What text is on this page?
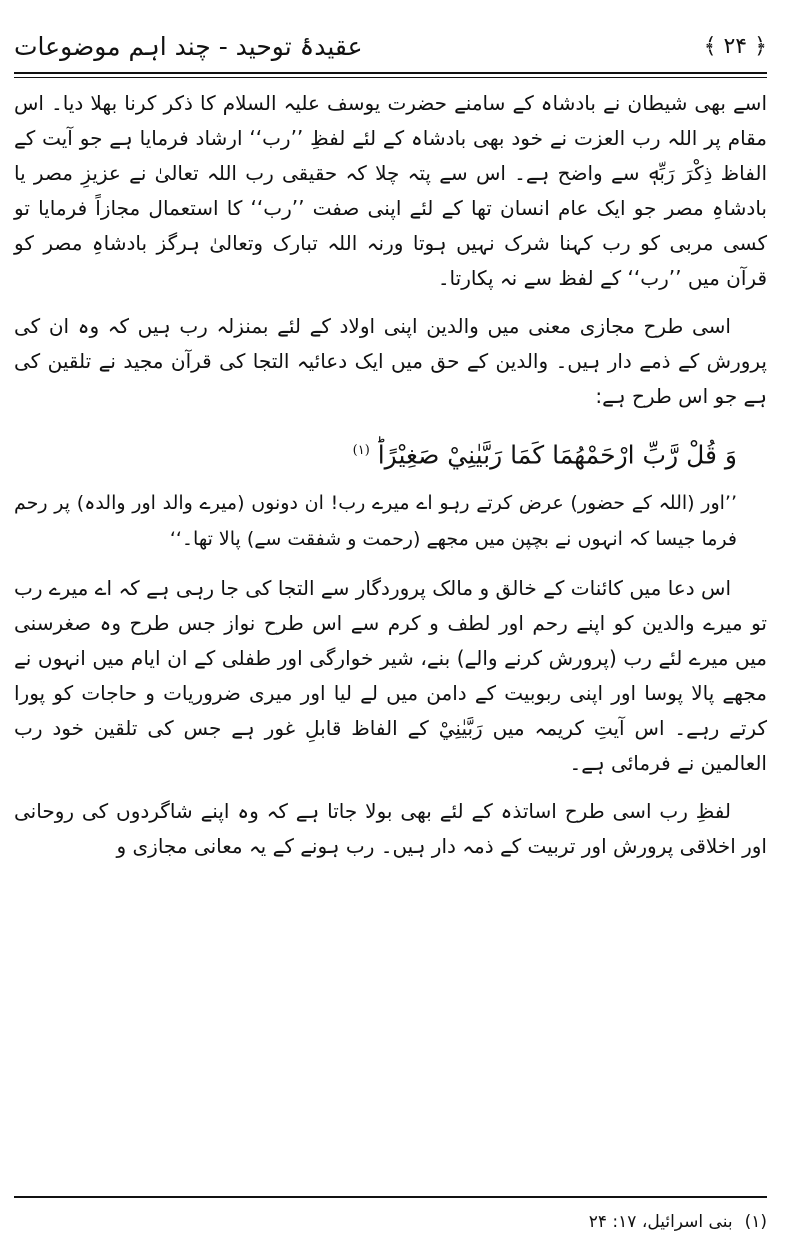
عقیدۂ توحید - چند اہم موضوعات	﴿ ۲۴ ﴾

اسے بھی شیطان نے بادشاہ کے سامنے حضرت یوسف علیہ السلام کا ذکر کرنا بھلا دیا۔ اس مقام پر اللہ رب العزت نے خود بھی بادشاہ کے لئے لفظِ ’’رب‘‘ ارشاد فرمایا ہے جو آیت کے الفاظ ذِکْرَ رَبِّهٖ سے واضح ہے۔ اس سے پتہ چلا کہ حقیقی رب اللہ تعالیٰ نے عزیزِ مصر یا بادشاہِ مصر جو ایک عام انسان تھا کے لئے اپنی صفت ’’رب‘‘ کا استعمال مجازاً فرمایا تو کسی مربی کو رب کہنا شرک نہیں ہوتا ورنہ اللہ تبارک وتعالیٰ ہرگز بادشاہِ مصر کو قرآن میں ’’رب‘‘ کے لفظ سے نہ پکارتا۔

اسی طرح مجازی معنی میں والدین اپنی اولاد کے لئے بمنزلہ رب ہیں کہ وہ ان کی پرورش کے ذمے دار ہیں۔ والدین کے حق میں ایک دعائیہ التجا کی قرآن مجید نے تلقین کی ہے جو اس طرح ہے:

وَ قُلْ رَّبِّ ارْحَمْهُمَا كَمَا رَبَّيٰنِيْ صَغِيْرًاؕ $^{(۱)}$

’’اور (اللہ کے حضور) عرض کرتے رہو اے میرے رب! ان دونوں (میرے والد اور والدہ) پر رحم فرما جیسا کہ انہوں نے بچپن میں مجھے (رحمت و شفقت سے) پالا تھا۔‘‘

اس دعا میں کائنات کے خالق و مالک پروردگار سے التجا کی جا رہی ہے کہ اے میرے رب تو میرے والدین کو اپنے رحم اور لطف و کرم سے اس طرح نواز جس طرح وہ صغرسنی میں میرے لئے رب (پرورش کرنے والے) بنے، شیر خوارگی اور طفلی کے ان ایام میں انہوں نے مجھے پالا پوسا اور اپنی ربوبیت کے دامن میں لے لیا اور میری ضروریات و حاجات کو پورا کرتے رہے۔ اس آیتِ کریمہ میں رَبَّيٰنِيْ کے الفاظ قابلِ غور ہے جس کی تلقین خود رب العالمین نے فرمائی ہے۔

لفظِ رب اسی طرح اساتذہ کے لئے بھی بولا جاتا ہے کہ وہ اپنے شاگردوں کی روحانی اور اخلاقی پرورش اور تربیت کے ذمہ دار ہیں۔ رب ہونے کے یہ معانی مجازی و

(۱)
بنی اسرائیل، ۱۷: ۲۴
